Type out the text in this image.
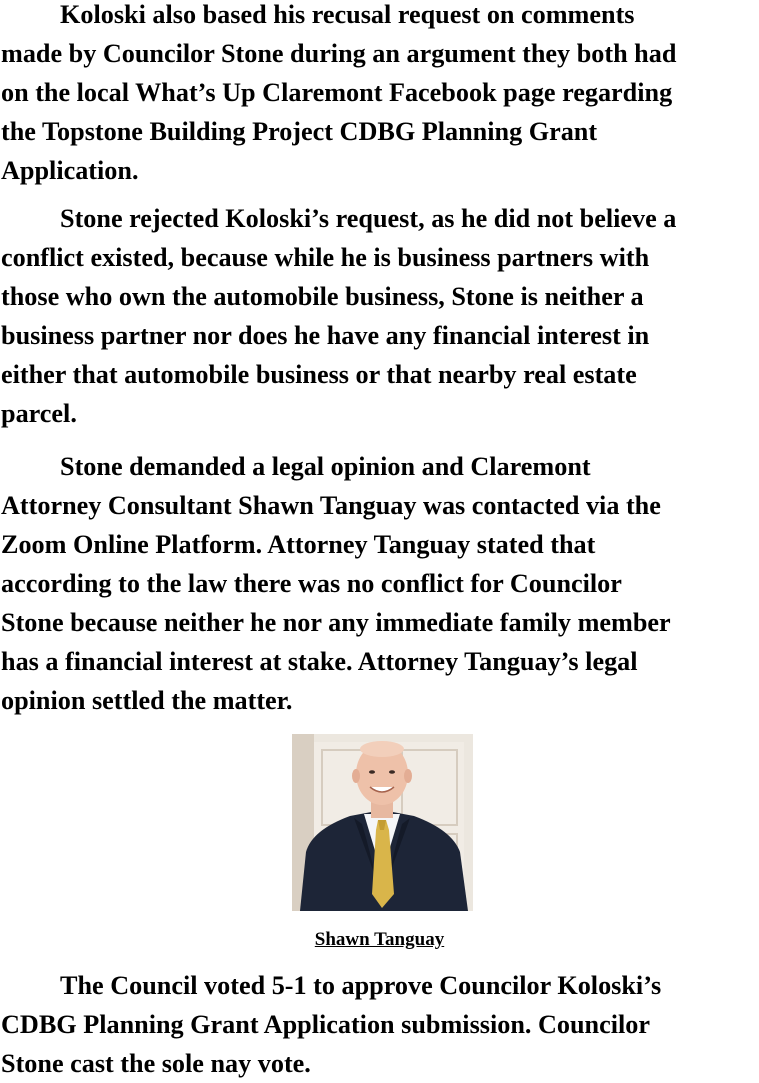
Koloski also based his recusal request on comments
made by Councilor Stone during an argument they both had
on the local What’s Up Claremont Facebook page regarding
the Topstone Building Project CDBG Planning Grant
Application.

Stone rejected Koloski’s request, as he did not believe a
conflict existed, because while he is business partners with
those who own the automobile business, Stone is neither a
business partner nor does he have any financial interest in
either that automobile business or that nearby real estate
parcel.

Stone demanded a legal opinion and Claremont
Attorney Consultant Shawn Tanguay was contacted via the
Zoom Online Platform. Attorney Tanguay stated that
according to the law there was no conflict for Councilor
Stone because neither he nor any immediate family member
has a financial interest at stake. Attorney Tanguay’s legal
opinion settled the matter.

Shawn Tanguay

The Council voted 5-1 to approve Councilor Koloski’s
CDBG Planning Grant Application submission. Councilor
Stone cast the sole nay vote.
